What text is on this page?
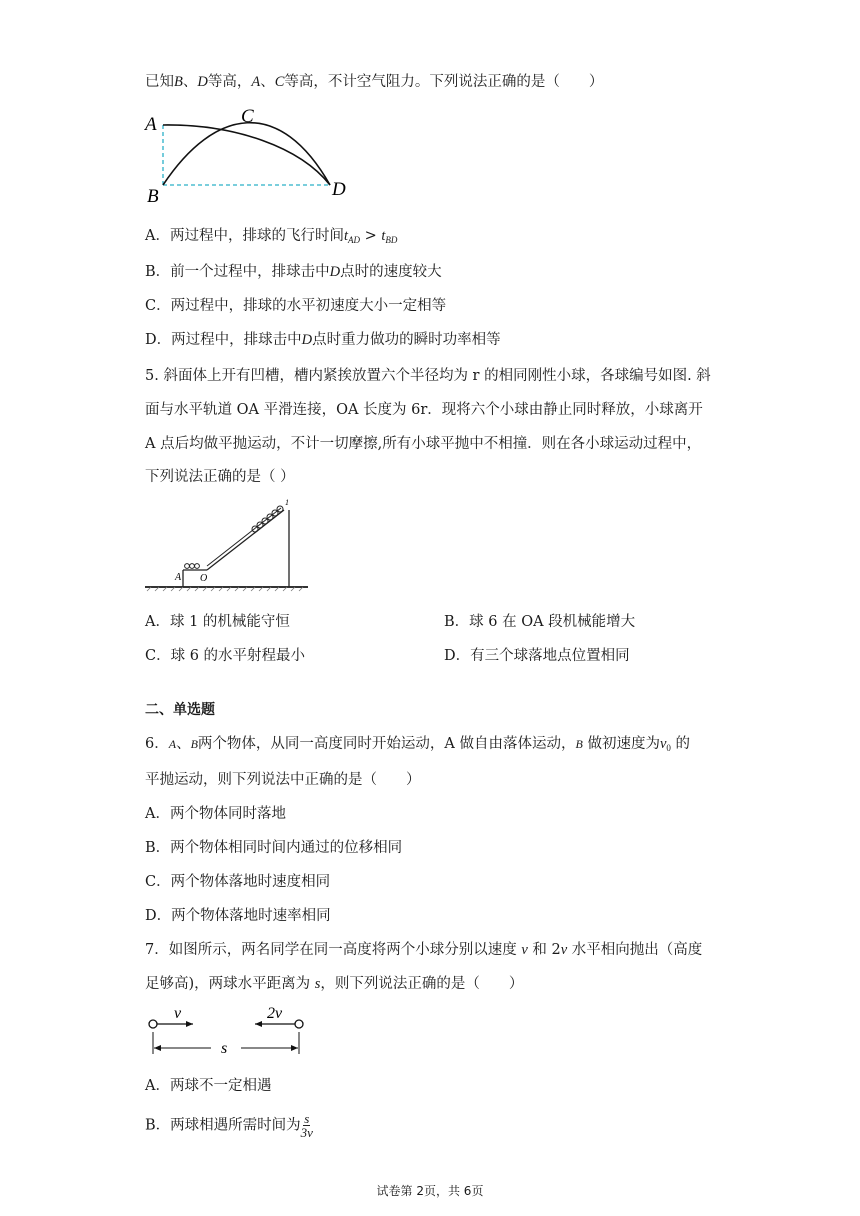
已知B、D等高，A、C等高，不计空气阻力。下列说法正确的是（　　）
A
B
C
D
A．两过程中，排球的飞行时间$t_{AD} > t_{BD}$
B．前一个过程中，排球击中D点时的速度较大
C．两过程中，排球的水平初速度大小一定相等
D．两过程中，排球击中D点时重力做功的瞬时功率相等
5. 斜面体上开有凹槽，槽内紧挨放置六个半径均为 r 的相同刚性小球，各球编号如图. 斜
面与水平轨道 OA 平滑连接，OA 长度为 6r．现将六个小球由静止同时释放，小球离开
A 点后均做平抛运动，不计一切摩擦,所有小球平抛中不相撞．则在各小球运动过程中，
下列说法正确的是（ ）
A O
1
A．球 1 的机械能守恒	B．球 6 在 OA 段机械能增大
C．球 6 的水平射程最小	D．有三个球落地点位置相同
二、单选题
6．A、B两个物体，从同一高度同时开始运动，A 做自由落体运动，B 做初速度为$v_0$ 的
平抛运动，则下列说法中正确的是（　　）
A．两个物体同时落地
B．两个物体相同时间内通过的位移相同
C．两个物体落地时速度相同
D．两个物体落地时速率相同
7．如图所示，两名同学在同一高度将两个小球分别以速度 v 和 2v 水平相向抛出（高度
足够高)，两球水平距离为 s，则下列说法正确的是（　　）
v	2v
s
A．两球不一定相遇
B．两球相遇所需时间为 $\frac{s}{3v}$
试卷第 2页，共 6页
